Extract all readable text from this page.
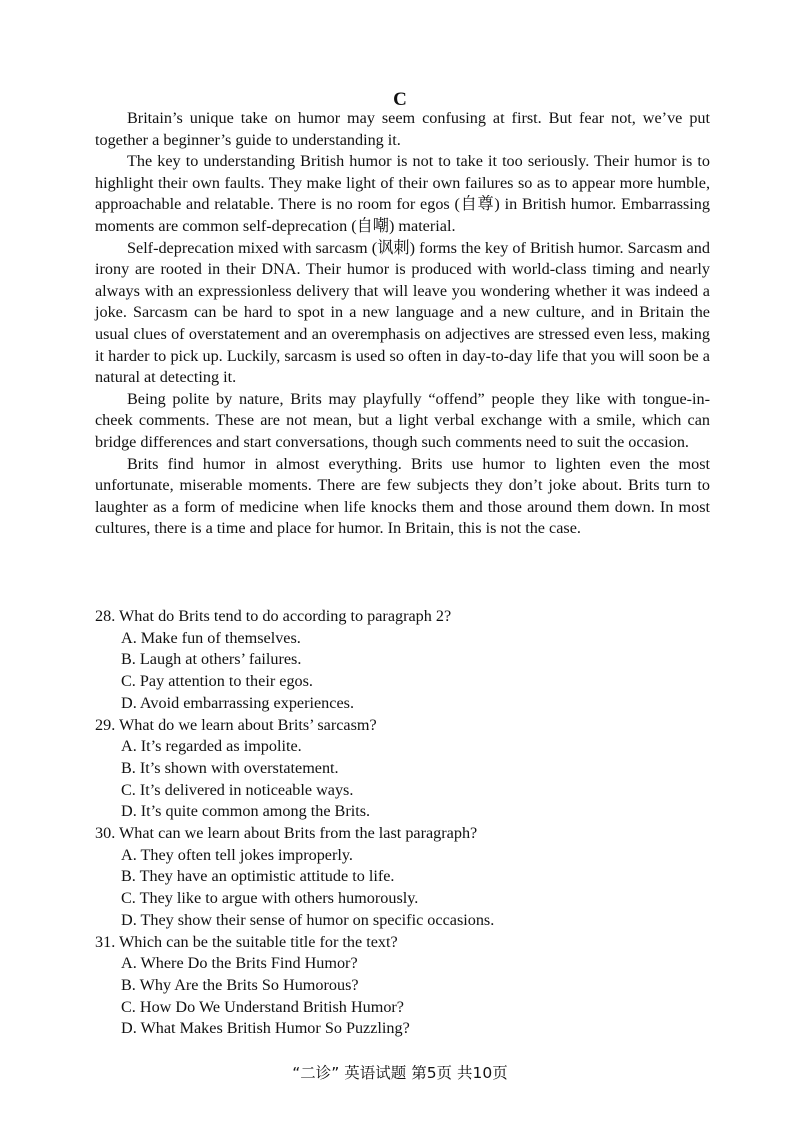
C

Britain’s unique take on humor may seem confusing at first. But fear not, we’ve put together a beginner’s guide to understanding it.

The key to understanding British humor is not to take it too seriously. Their humor is to highlight their own faults. They make light of their own failures so as to appear more humble, approachable and relatable. There is no room for egos (自尊) in British humor. Embarrassing moments are common self-deprecation (自嘲) material.

Self-deprecation mixed with sarcasm (讽刺) forms the key of British humor. Sarcasm and irony are rooted in their DNA. Their humor is produced with world-class timing and nearly always with an expressionless delivery that will leave you wondering whether it was indeed a joke. Sarcasm can be hard to spot in a new language and a new culture, and in Britain the usual clues of overstatement and an overemphasis on adjectives are stressed even less, making it harder to pick up. Luckily, sarcasm is used so often in day-to-day life that you will soon be a natural at detecting it.

Being polite by nature, Brits may playfully “offend” people they like with tongue-in-cheek comments. These are not mean, but a light verbal exchange with a smile, which can bridge differences and start conversations, though such comments need to suit the occasion.

Brits find humor in almost everything. Brits use humor to lighten even the most unfortunate, miserable moments. There are few subjects they don’t joke about. Brits turn to laughter as a form of medicine when life knocks them and those around them down. In most cultures, there is a time and place for humor. In Britain, this is not the case.

28. What do Brits tend to do according to paragraph 2?

A. Make fun of themselves.

B. Laugh at others’ failures.

C. Pay attention to their egos.

D. Avoid embarrassing experiences.

29. What do we learn about Brits’ sarcasm?

A. It’s regarded as impolite.

B. It’s shown with overstatement.

C. It’s delivered in noticeable ways.

D. It’s quite common among the Brits.

30. What can we learn about Brits from the last paragraph?

A. They often tell jokes improperly.

B. They have an optimistic attitude to life.

C. They like to argue with others humorously.

D. They show their sense of humor on specific occasions.

31. Which can be the suitable title for the text?

A. Where Do the Brits Find Humor?

B. Why Are the Brits So Humorous?

C. How Do We Understand British Humor?

D. What Makes British Humor So Puzzling?

“二诊” 英语试题 第5页 共10页
